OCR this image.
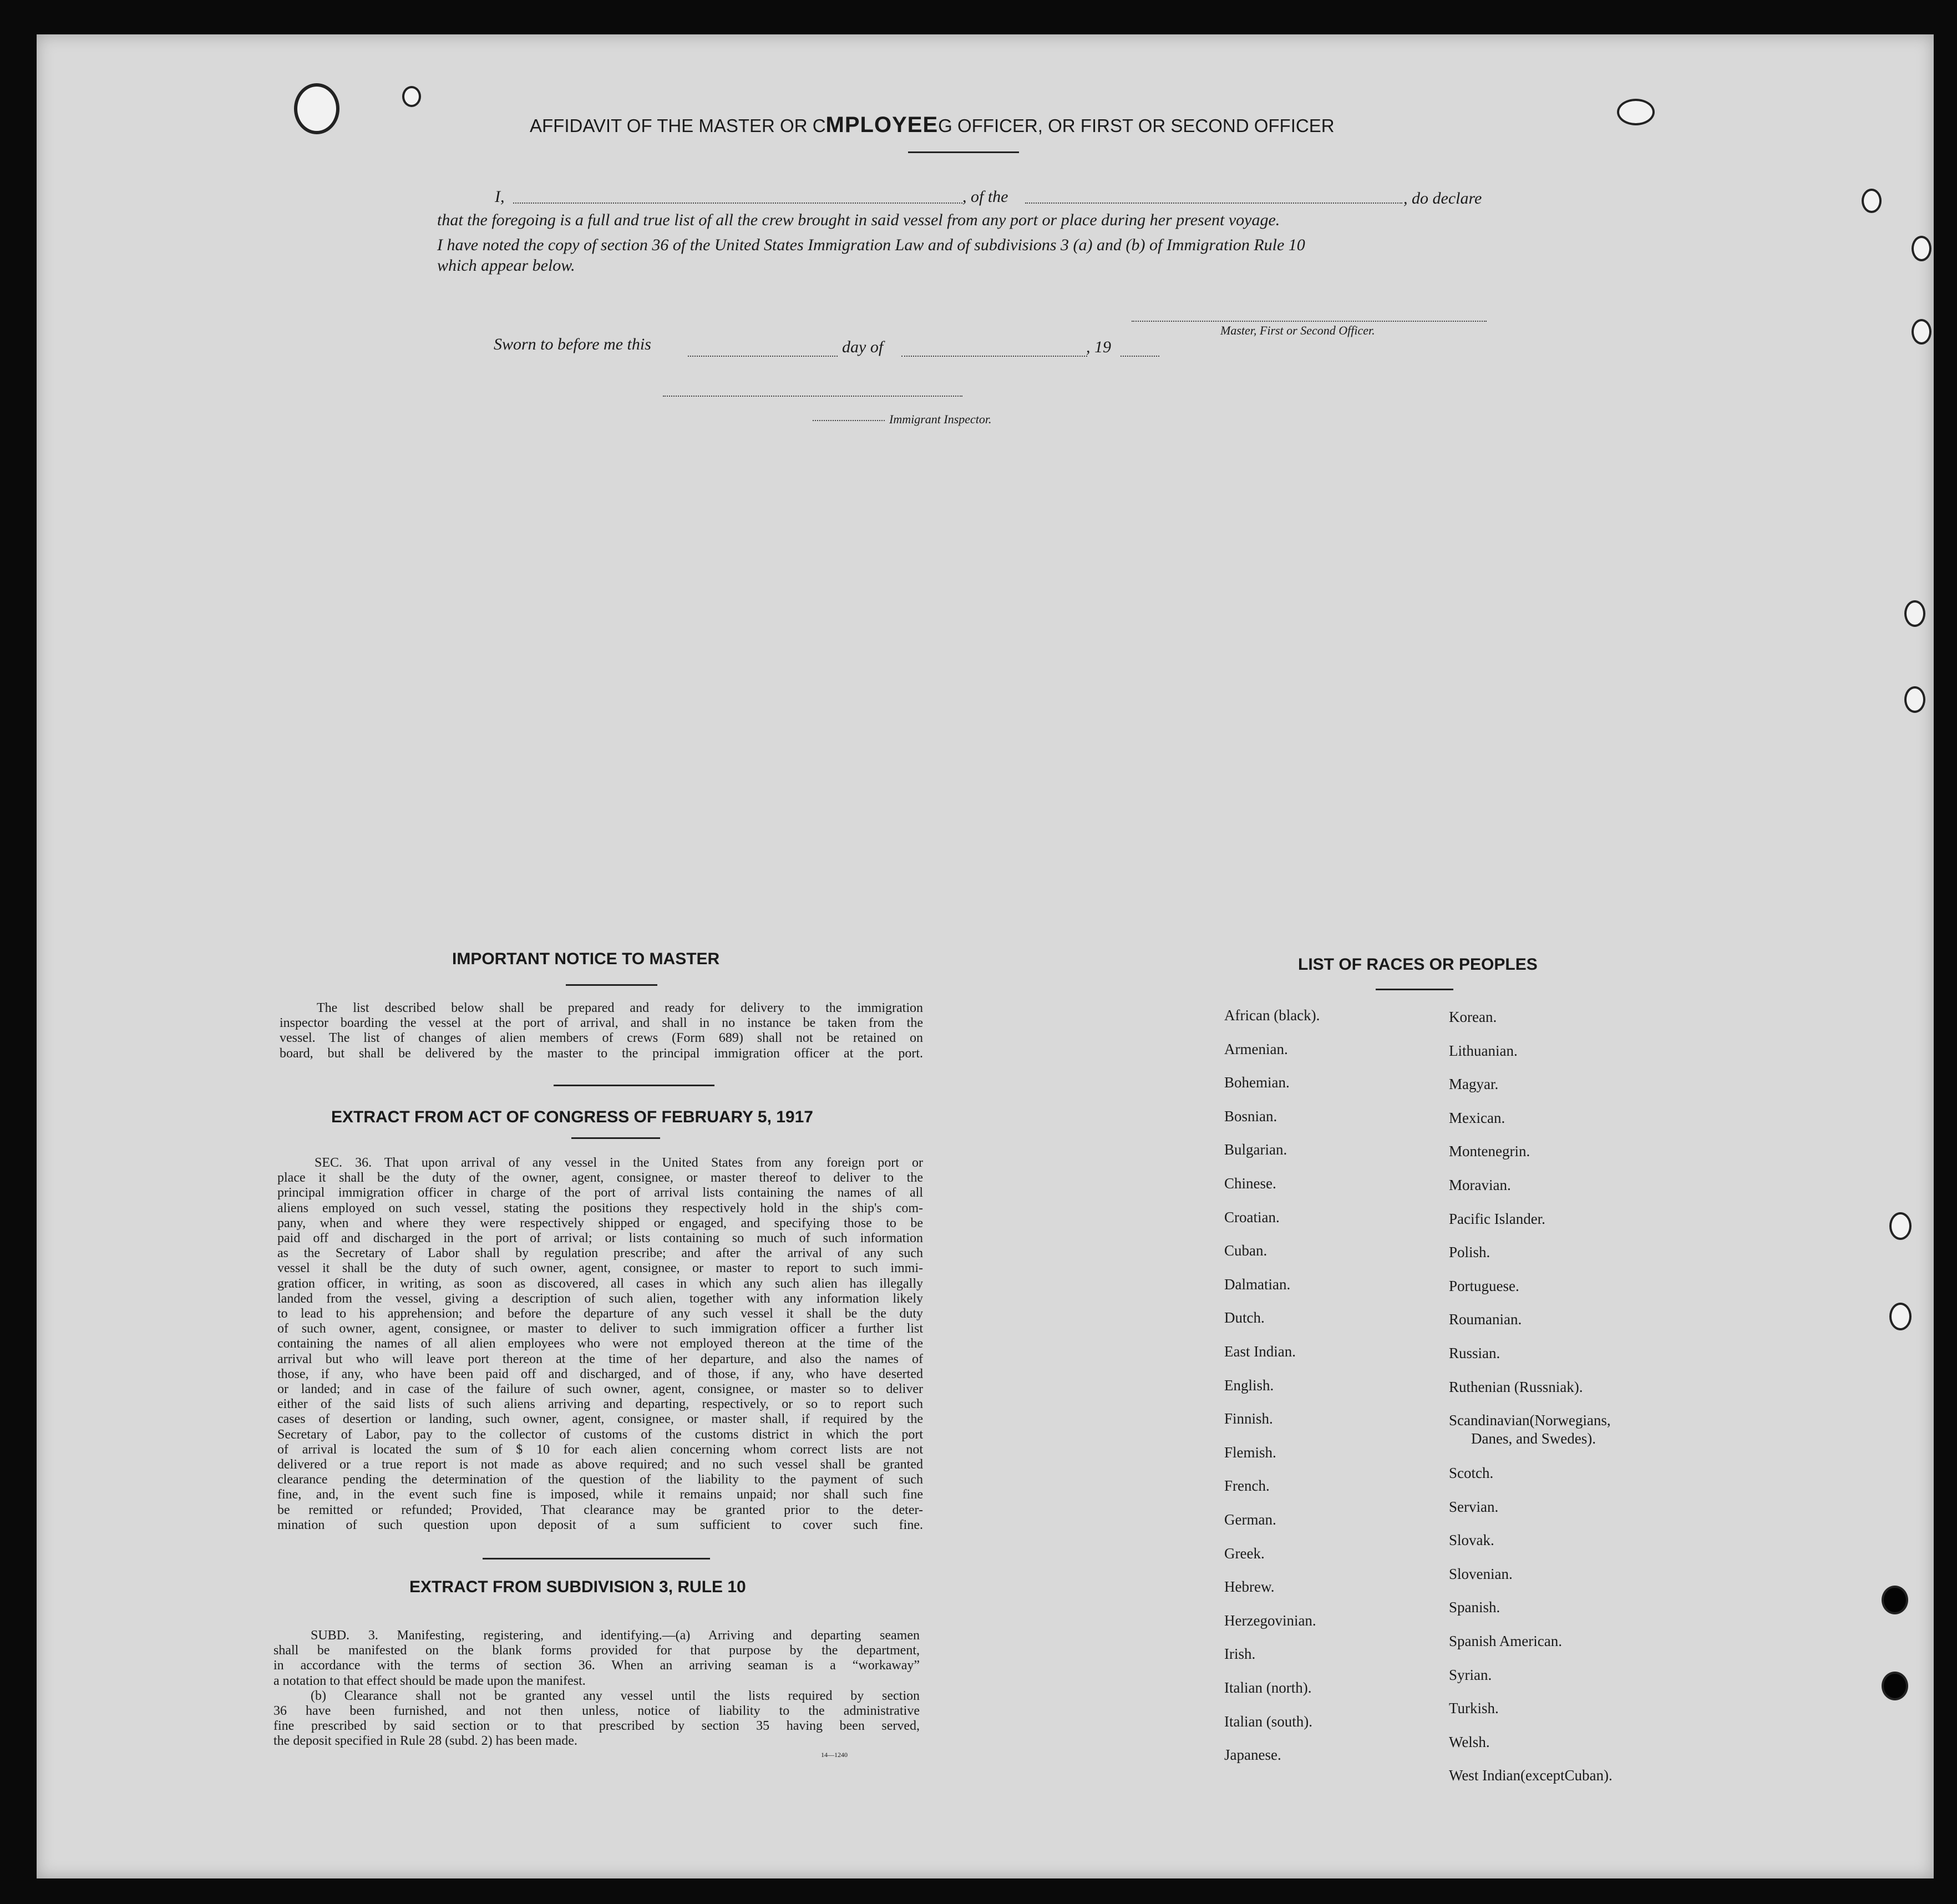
AFFIDAVIT OF THE MASTER OR CMPLOYEEG OFFICER, OR FIRST OR SECOND OFFICER
I,	, of the	, do declare
that the foregoing is a full and true list of all the crew brought in said vessel from any port or place during her present voyage.
I have noted the copy of section 36 of the United States Immigration Law and of subdivisions 3 (a) and (b) of Immigration Rule 10
which appear below.
Master, First or Second Officer.
Sworn to before me this	day of	, 19
Immigrant Inspector.
IMPORTANT NOTICE TO MASTER
The list described below shall be prepared and ready for delivery to the immigration
inspector boarding the vessel at the port of arrival, and shall in no instance be taken from the
vessel. The list of changes of alien members of crews (Form 689) shall not be retained on
board, but shall be delivered by the master to the principal immigration officer at the port.
EXTRACT FROM ACT OF CONGRESS OF FEBRUARY 5, 1917
SEC. 36. That upon arrival of any vessel in the United States from any foreign port or
place it shall be the duty of the owner, agent, consignee, or master thereof to deliver to the
principal immigration officer in charge of the port of arrival lists containing the names of all
aliens employed on such vessel, stating the positions they respectively hold in the ship's com-
pany, when and where they were respectively shipped or engaged, and specifying those to be
paid off and discharged in the port of arrival; or lists containing so much of such information
as the Secretary of Labor shall by regulation prescribe; and after the arrival of any such
vessel it shall be the duty of such owner, agent, consignee, or master to report to such immi-
gration officer, in writing, as soon as discovered, all cases in which any such alien has illegally
landed from the vessel, giving a description of such alien, together with any information likely
to lead to his apprehension; and before the departure of any such vessel it shall be the duty
of such owner, agent, consignee, or master to deliver to such immigration officer a further list
containing the names of all alien employees who were not employed thereon at the time of the
arrival but who will leave port thereon at the time of her departure, and also the names of
those, if any, who have been paid off and discharged, and of those, if any, who have deserted
or landed; and in case of the failure of such owner, agent, consignee, or master so to deliver
either of the said lists of such aliens arriving and departing, respectively, or so to report such
cases of desertion or landing, such owner, agent, consignee, or master shall, if required by the
Secretary of Labor, pay to the collector of customs of the customs district in which the port
of arrival is located the sum of $ 10 for each alien concerning whom correct lists are not
delivered or a true report is not made as above required; and no such vessel shall be granted
clearance pending the determination of the question of the liability to the payment of such
fine, and, in the event such fine is imposed, while it remains unpaid; nor shall such fine
be remitted or refunded; Provided, That clearance may be granted prior to the deter-
mination of such question upon deposit of a sum sufficient to cover such fine.
EXTRACT FROM SUBDIVISION 3, RULE 10
SUBD. 3. Manifesting, registering, and identifying.—(a) Arriving and departing seamen
shall be manifested on the blank forms provided for that purpose by the department,
in accordance with the terms of section 36. When an arriving seaman is a “workaway”
a notation to that effect should be made upon the manifest.
(b) Clearance shall not be granted any vessel until the lists required by section
36 have been furnished, and not then unless, notice of liability to the administrative
fine prescribed by said section or to that prescribed by section 35 having been served,
the deposit specified in Rule 28 (subd. 2) has been made.
14—1240
LIST OF RACES OR PEOPLES
African (black).
Armenian.
Bohemian.
Bosnian.
Bulgarian.
Chinese.
Croatian.
Cuban.
Dalmatian.
Dutch.
East Indian.
English.
Finnish.
Flemish.
French.
German.
Greek.
Hebrew.
Herzegovinian.
Irish.
Italian (north).
Italian (south).
Japanese.
Korean.
Lithuanian.
Magyar.
Mexican.
Montenegrin.
Moravian.
Pacific Islander.
Polish.
Portuguese.
Roumanian.
Russian.
Ruthenian (Russniak).
Scandinavian(Norwegians,
Danes, and Swedes).
Scotch.
Servian.
Slovak.
Slovenian.
Spanish.
Spanish American.
Syrian.
Turkish.
Welsh.
West Indian(exceptCuban).
